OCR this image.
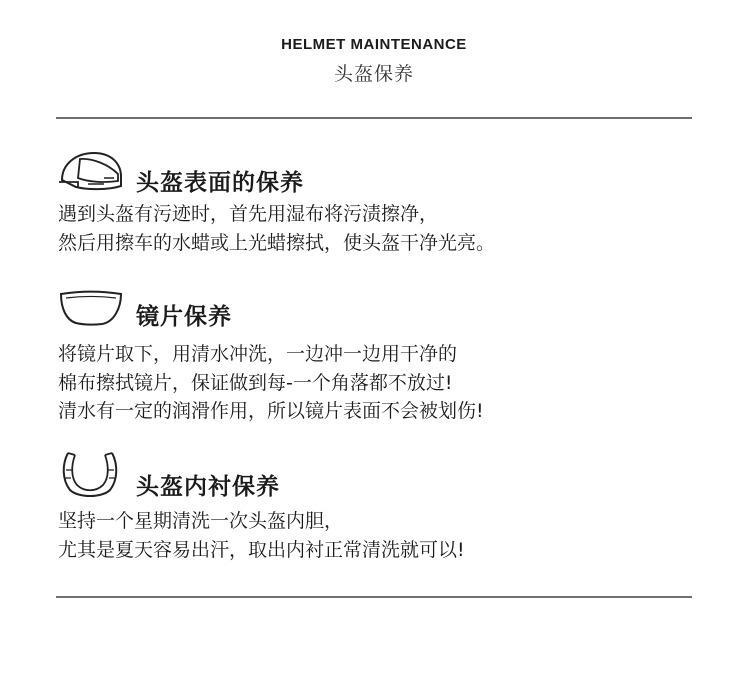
HELMET MAINTENANCE
头盔保养
头盔表面的保养
遇到头盔有污迹时，首先用湿布将污渍擦净，
然后用擦车的水蜡或上光蜡擦拭，使头盔干净光亮。
镜片保养
将镜片取下，用清水冲洗，一边冲一边用干净的
棉布擦拭镜片，保证做到每-一个角落都不放过!
清水有一定的润滑作用，所以镜片表面不会被划伤!
头盔内衬保养
坚持一个星期清洗一次头盔内胆，
尤其是夏天容易出汗，取出内衬正常清洗就可以!
